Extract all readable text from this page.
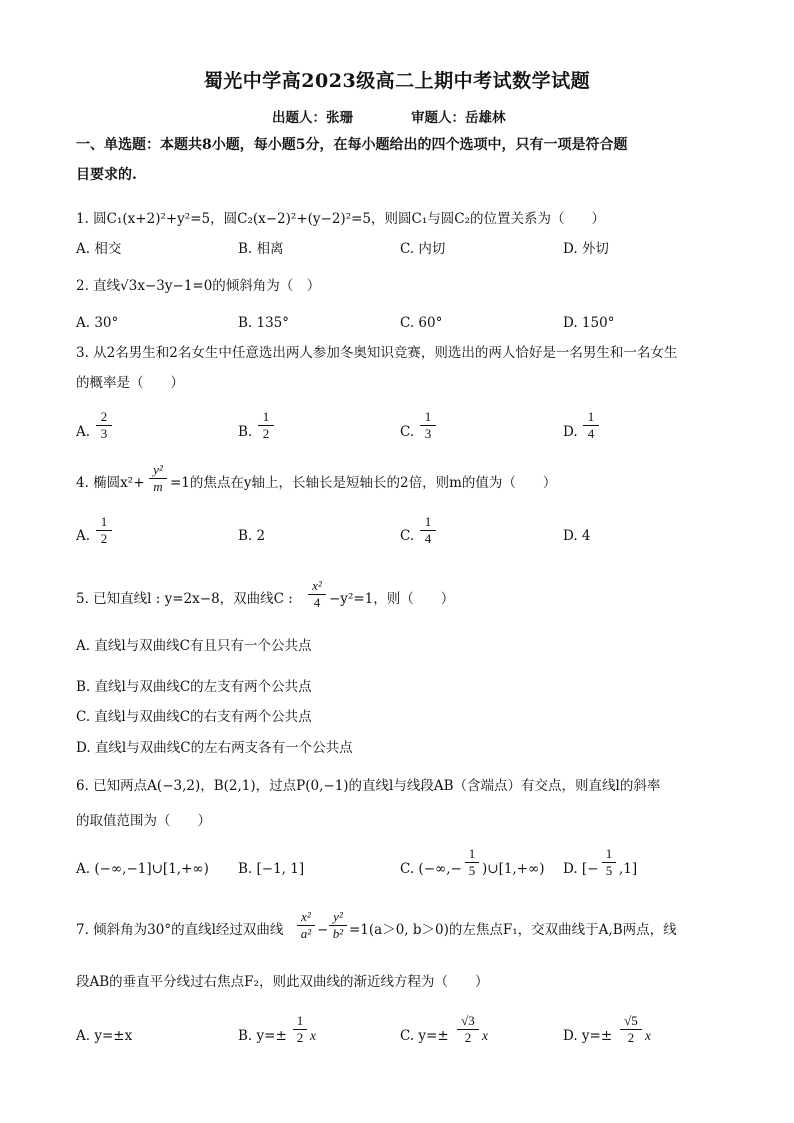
蜀光中学高2023级高二上期中考试数学试题
出题人：张珊	审题人：岳雄林
一、单选题：本题共8小题，每小题5分，在每小题给出的四个选项中，只有一项是符合题
目要求的.
1. 圆C₁(x+2)²+y²=5，圆C₂(x−2)²+(y−2)²=5，则圆C₁与圆C₂的位置关系为（　　）
A. 相交	B. 相离	C. 内切	D. 外切
2. 直线√3x−3y−1=0的倾斜角为（　）
A. 30°	B. 135°	C. 60°	D. 150°
3. 从2名男生和2名女生中任意选出两人参加冬奥知识竞赛，则选出的两人恰好是一名男生和一名女生
的概率是（　　）
A.
2
3	B.
1
2	C.
1
3	D.
1
4
4. 椭圆x²+
y²
m =1的焦点在y轴上，长轴长是短轴长的2倍，则m的值为（　　）
A.
1
2	B. 2	C.
1
4	D. 4
5. 已知直线l : y=2x−8，双曲线C :
x²
4 −y²=1，则（　　）
A. 直线l与双曲线C有且只有一个公共点
B. 直线l与双曲线C的左支有两个公共点
C. 直线l与双曲线C的右支有两个公共点
D. 直线l与双曲线C的左右两支各有一个公共点
6. 已知两点A(−3,2)，B(2,1)，过点P(0,−1)的直线l与线段AB（含端点）有交点，则直线l的斜率
的取值范围为（　　）
A. (−∞,−1]∪[1,+∞) B. [−1, 1]	C. (−∞,−
1
5 )∪[1,+∞) D. [−
1
5 ,1]
7. 倾斜角为30°的直线l经过双曲线
x²
a² −
y²
b² =1(a＞0, b＞0)的左焦点F₁，交双曲线于A,B两点，线
段AB的垂直平分线过右焦点F₂，则此双曲线的渐近线方程为（　　）
A. y=±x	B. y=±
1
2 x	C. y=±
√3
2 x	D. y=±
√5
2 x
